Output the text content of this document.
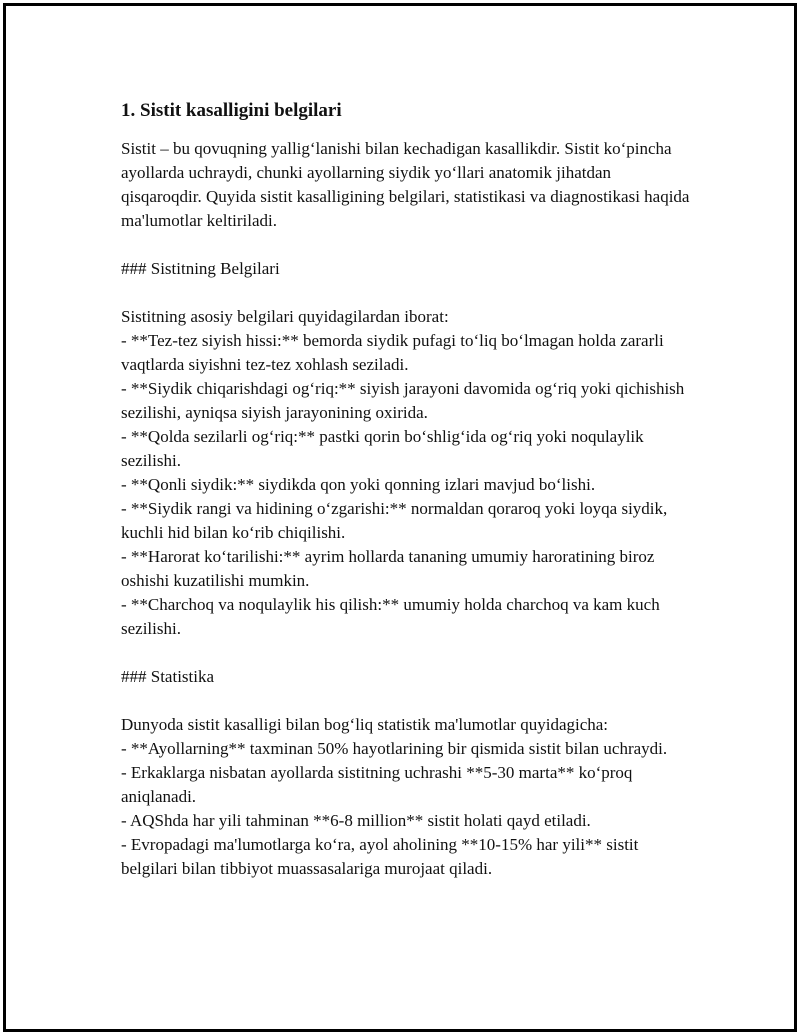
1. Sistit kasalligini belgilari

Sistit – bu qovuqning yallig‘lanishi bilan kechadigan kasallikdir. Sistit ko‘pincha ayollarda uchraydi, chunki ayollarning siydik yo‘llari anatomik jihatdan qisqaroqdir. Quyida sistit kasalligining belgilari, statistikasi va diagnostikasi haqida ma'lumotlar keltiriladi.

### Sistitning Belgilari

Sistitning asosiy belgilari quyidagilardan iborat:

- **Tez-tez siyish hissi:** bemorda siydik pufagi to‘liq bo‘lmagan holda zararli vaqtlarda siyishni tez-tez xohlash seziladi.

- **Siydik chiqarishdagi og‘riq:** siyish jarayoni davomida og‘riq yoki qichishish sezilishi, ayniqsa siyish jarayonining oxirida.

- **Qolda sezilarli og‘riq:** pastki qorin bo‘shlig‘ida og‘riq yoki noqulaylik sezilishi.

- **Qonli siydik:** siydikda qon yoki qonning izlari mavjud bo‘lishi.

- **Siydik rangi va hidining o‘zgarishi:** normaldan qoraroq yoki loyqa siydik, kuchli hid bilan ko‘rib chiqilishi.

- **Harorat ko‘tarilishi:** ayrim hollarda tananing umumiy haroratining biroz oshishi kuzatilishi mumkin.

- **Charchoq va noqulaylik his qilish:** umumiy holda charchoq va kam kuch sezilishi.

### Statistika

Dunyoda sistit kasalligi bilan bog‘liq statistik ma'lumotlar quyidagicha:

- **Ayollarning** taxminan 50% hayotlarining bir qismida sistit bilan uchraydi.

- Erkaklarga nisbatan ayollarda sistitning uchrashi **5-30 marta** ko‘proq aniqlanadi.

- AQShda har yili tahminan **6-8 million** sistit holati qayd etiladi.

- Evropadagi ma'lumotlarga ko‘ra, ayol aholining **10-15% har yili** sistit belgilari bilan tibbiyot muassasalariga murojaat qiladi.
